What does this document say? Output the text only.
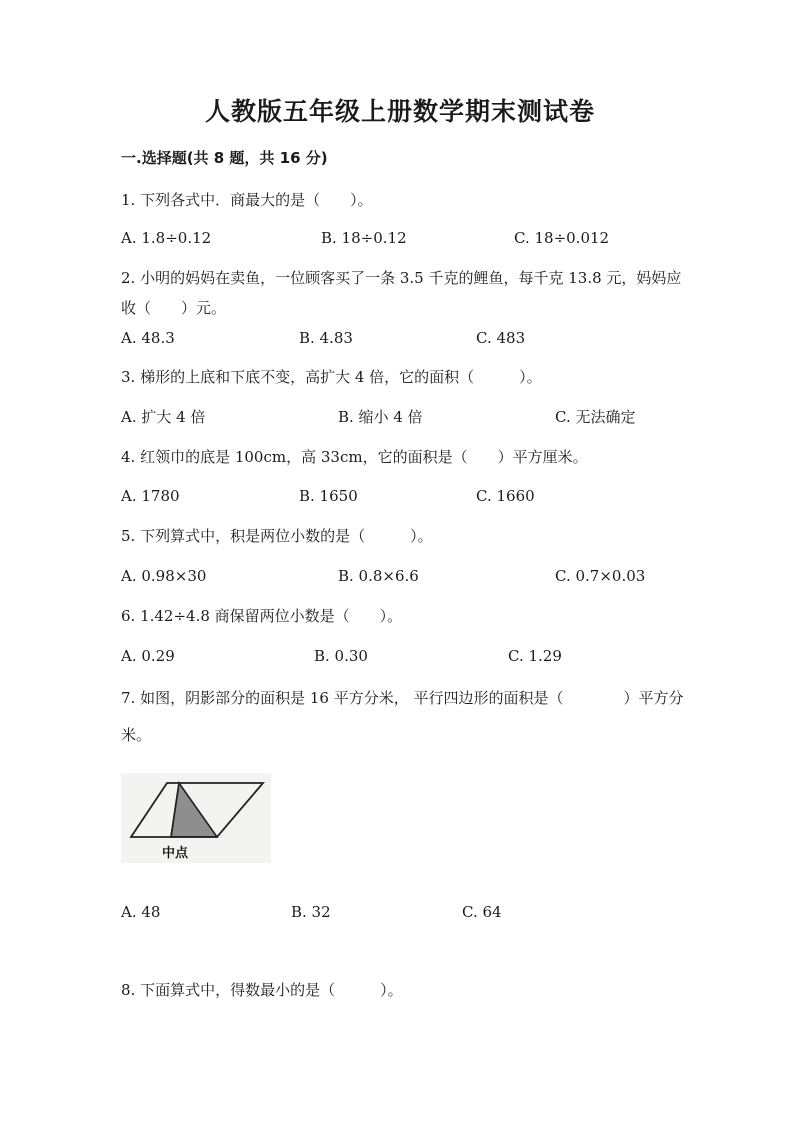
人教版五年级上册数学期末测试卷
一.选择题(共 8 题，共 16 分)
1. 下列各式中．商最大的是（　　）。
A. 1.8÷0.12	B. 18÷0.12	C. 18÷0.012
2. 小明的妈妈在卖鱼，一位顾客买了一条 3.5 千克的鲤鱼，每千克 13.8 元，妈妈应收（　　）元。
A. 48.3	B. 4.83	C. 483
3. 梯形的上底和下底不变，高扩大 4 倍，它的面积（　　　）。
A. 扩大 4 倍	B. 缩小 4 倍	C. 无法确定
4. 红领巾的底是 100cm，高 33cm，它的面积是（　　）平方厘米。
A. 1780	B. 1650	C. 1660
5. 下列算式中，积是两位小数的是（　　　）。
A. 0.98×30	B. 0.8×6.6	C. 0.7×0.03
6. 1.42÷4.8 商保留两位小数是（　　）。
A. 0.29	B. 0.30	C. 1.29
7. 如图，阴影部分的面积是 16 平方分米， 平行四边形的面积是（　　　　）平方分米。
中点
A. 48	B. 32	C. 64
8. 下面算式中，得数最小的是（　　　）。
